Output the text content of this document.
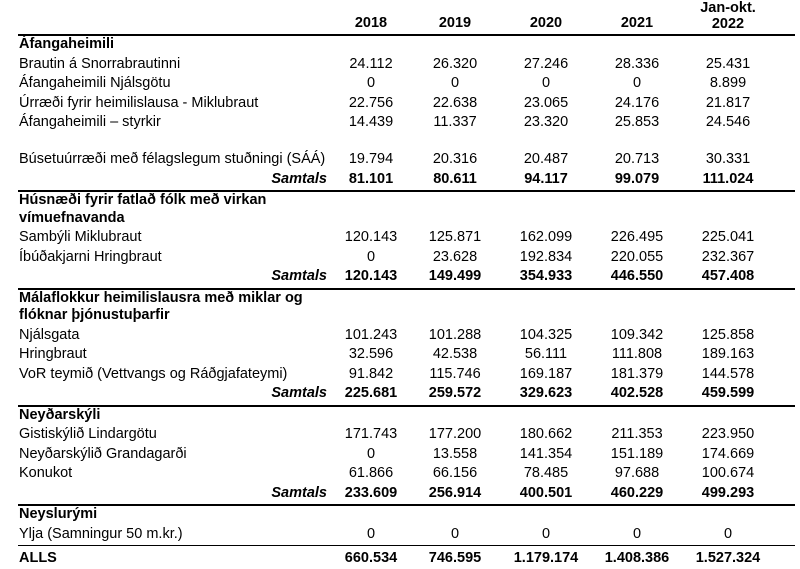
	2018	2019	2020	2021	Jan-okt.
2022

Áfangaheimili					
Brautin á Snorrabrautinni	24.112	26.320	27.246	28.336	25.431
Áfangaheimili Njálsgötu	0	0	0	0	8.899
Úrræði fyrir heimilislausa - Miklubraut	22.756	22.638	23.065	24.176	21.817
Áfangaheimili – styrkir	14.439	11.337	23.320	25.853	24.546
Búsetuúrræði með félagslegum stuðningi (SÁÁ)	19.794	20.316	20.487	20.713	30.331
Samtals	81.101	80.611	94.117	99.079	111.024
Húsnæði fyrir fatlað fólk með virkan vímuefnavanda					
Sambýli Miklubraut	120.143	125.871	162.099	226.495	225.041
Íbúðakjarni Hringbraut	0	23.628	192.834	220.055	232.367
Samtals	120.143	149.499	354.933	446.550	457.408
Málaflokkur heimilislausra með miklar og flóknar þjónustuþarfir					
Njálsgata	101.243	101.288	104.325	109.342	125.858
Hringbraut	32.596	42.538	56.111	111.808	189.163
VoR teymið (Vettvangs og Ráðgjafateymi)	91.842	115.746	169.187	181.379	144.578
Samtals	225.681	259.572	329.623	402.528	459.599
Neyðarskýli					
Gistiskýlið Lindargötu	171.743	177.200	180.662	211.353	223.950
Neyðarskýlið Grandagarði	0	13.558	141.354	151.189	174.669
Konukot	61.866	66.156	78.485	97.688	100.674
Samtals	233.609	256.914	400.501	460.229	499.293
Neyslurými					
Ylja (Samningur 50 m.kr.)	0	0	0	0	0
ALLS	660.534	746.595	1.179.174	1.408.386	1.527.324
